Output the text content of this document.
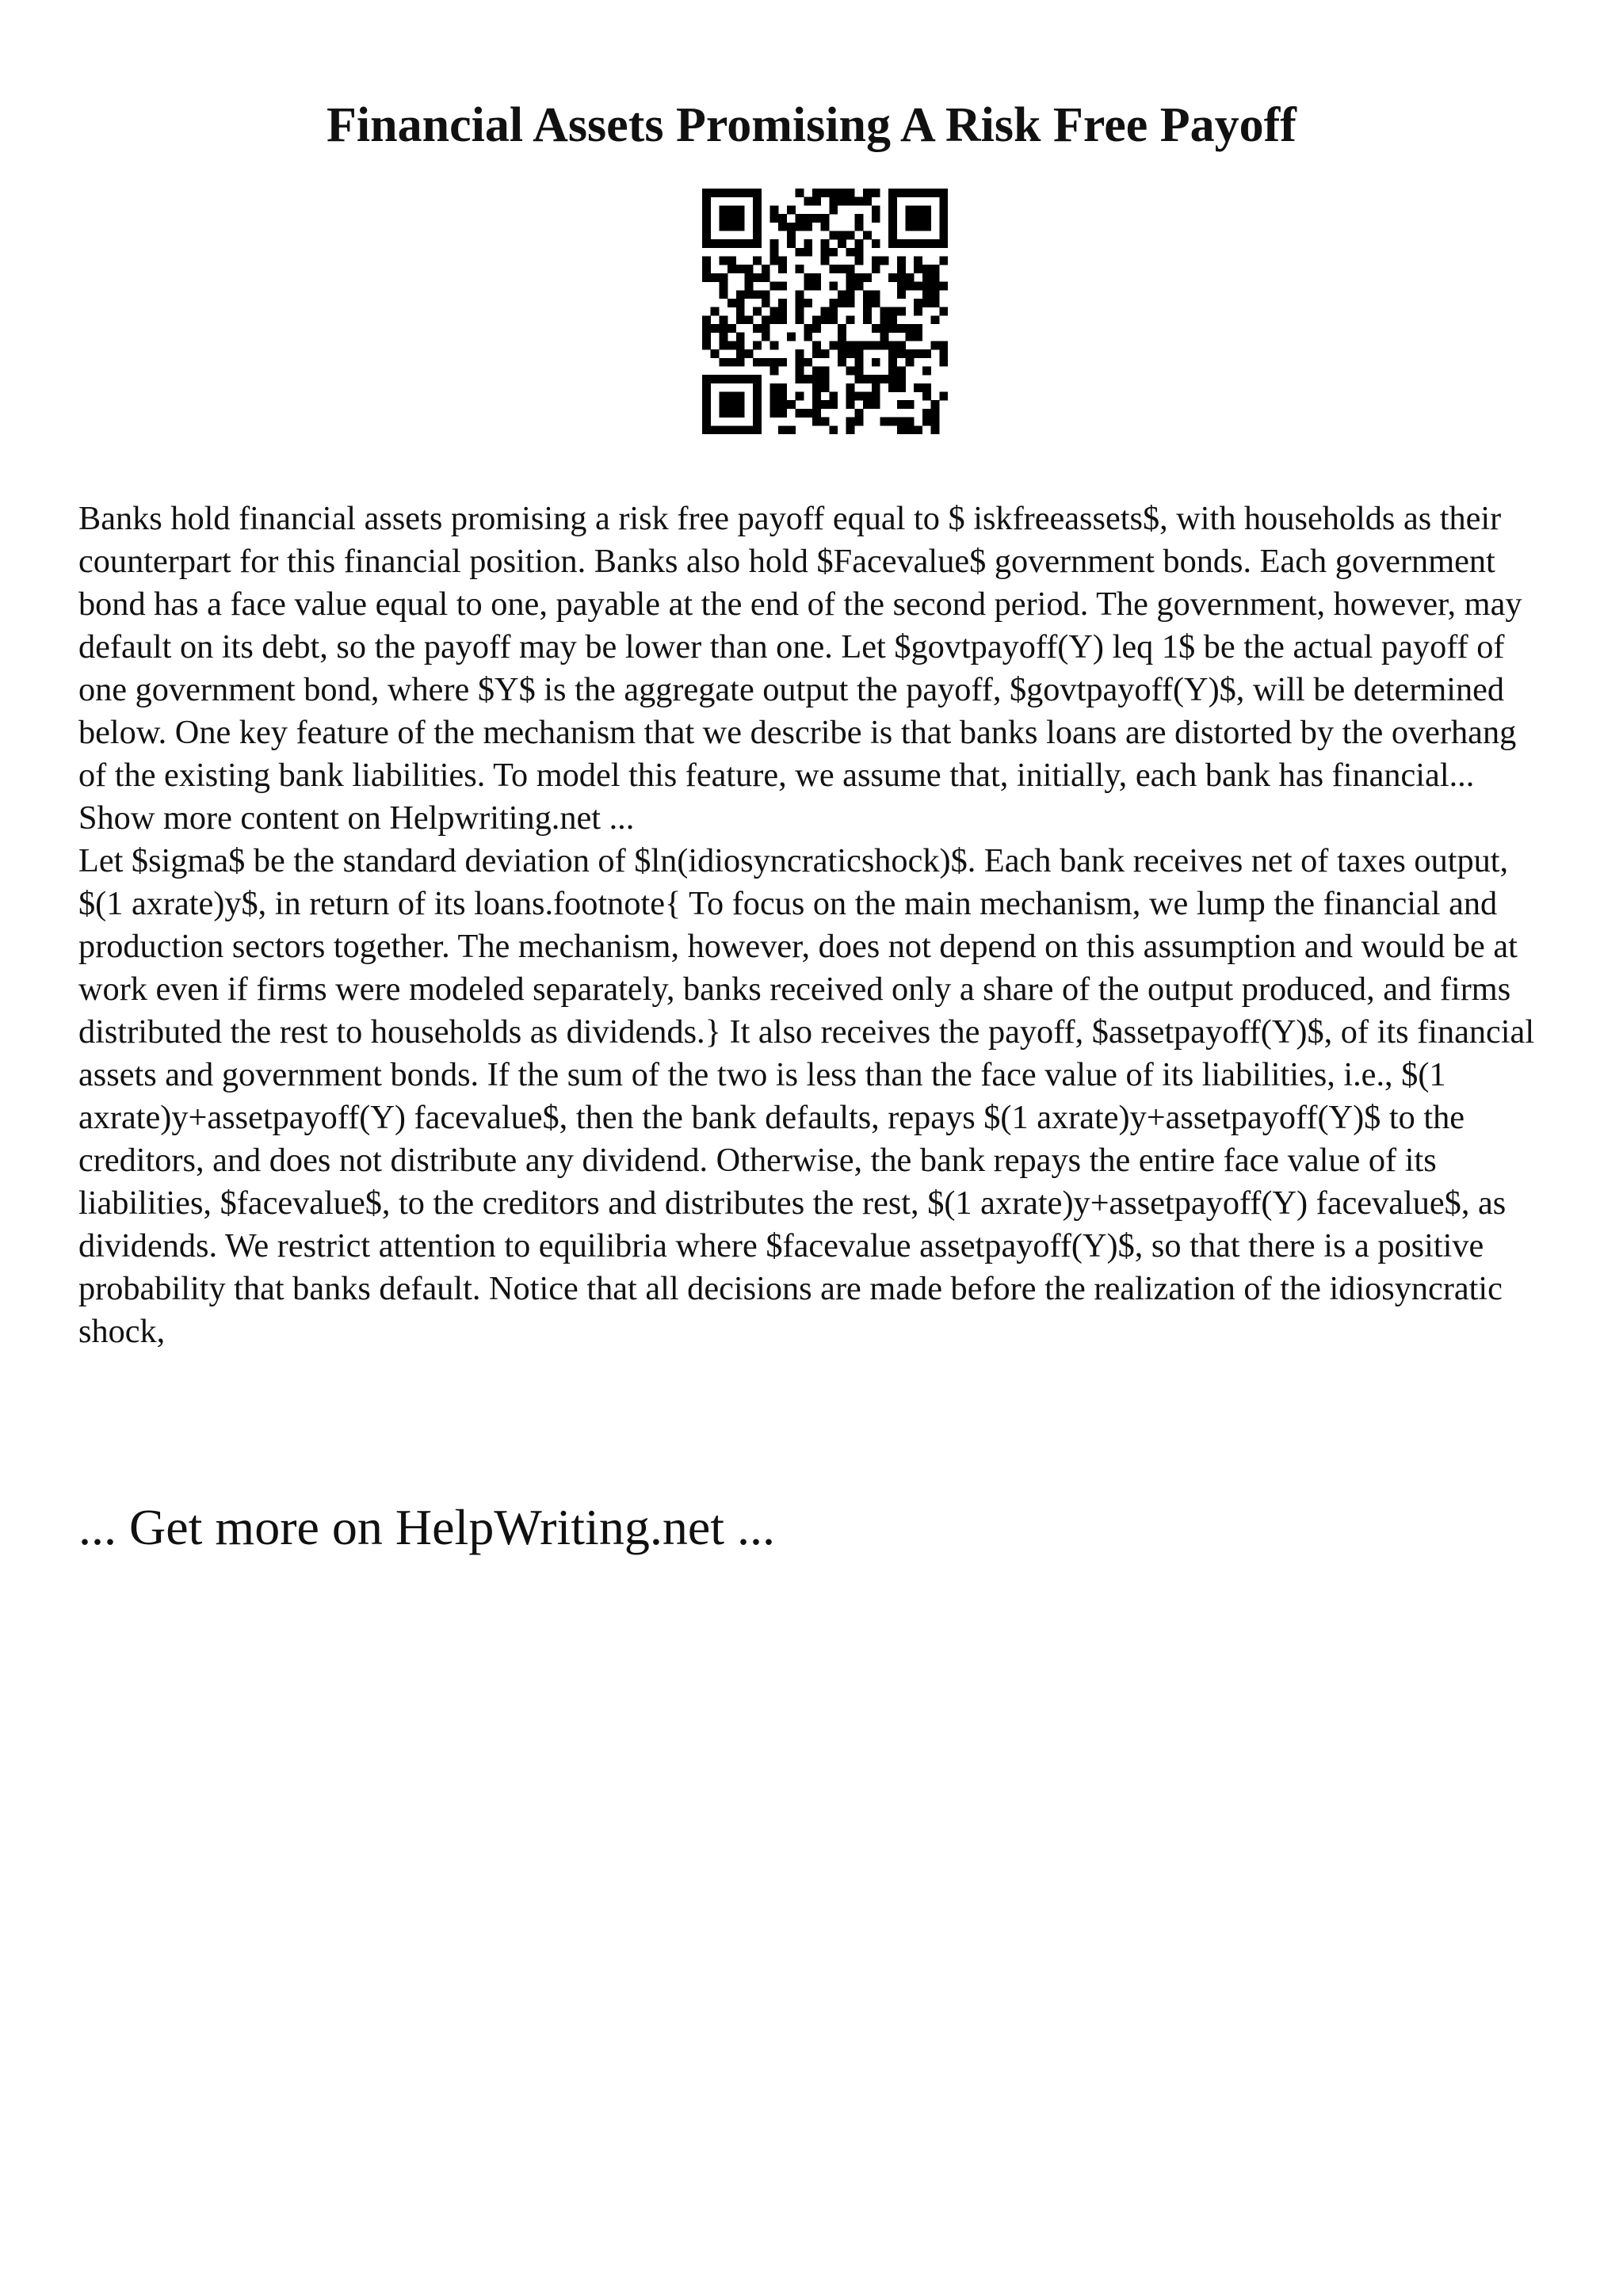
Financial Assets Promising A Risk Free Payoff

Banks hold financial assets promising a risk free payoff equal to $ iskfreeassets$, with households as their counterpart for this financial position. Banks also hold $Facevalue$ government bonds. Each government bond has a face value equal to one, payable at the end of the second period. The government, however, may default on its debt, so the payoff may be lower than one. Let $govtpayoff(Y) leq 1$ be the actual payoff of one government bond, where $Y$ is the aggregate output the payoff, $govtpayoff(Y)$, will be determined below. One key feature of the mechanism that we describe is that banks loans are distorted by the overhang of the existing bank liabilities. To model this feature, we assume that, initially, each bank has financial... Show more content on Helpwriting.net ...

Let $sigma$ be the standard deviation of $ln(idiosyncraticshock)$. Each bank receives net of taxes output, $(1 axrate)y$, in return of its loans.footnote{ To focus on the main mechanism, we lump the financial and production sectors together. The mechanism, however, does not depend on this assumption and would be at work even if firms were modeled separately, banks received only a share of the output produced, and firms distributed the rest to households as dividends.} It also receives the payoff, $assetpayoff(Y)$, of its financial assets and government bonds. If the sum of the two is less than the face value of its liabilities, i.e., $(1 axrate)y+assetpayoff(Y) facevalue$, then the bank defaults, repays $(1 axrate)y+assetpayoff(Y)$ to the creditors, and does not distribute any dividend. Otherwise, the bank repays the entire face value of its liabilities, $facevalue$, to the creditors and distributes the rest, $(1 axrate)y+assetpayoff(Y) facevalue$, as dividends. We restrict attention to equilibria where $facevalue assetpayoff(Y)$, so that there is a positive probability that banks default. Notice that all decisions are made before the realization of the idiosyncratic shock,

... Get more on HelpWriting.net ...
